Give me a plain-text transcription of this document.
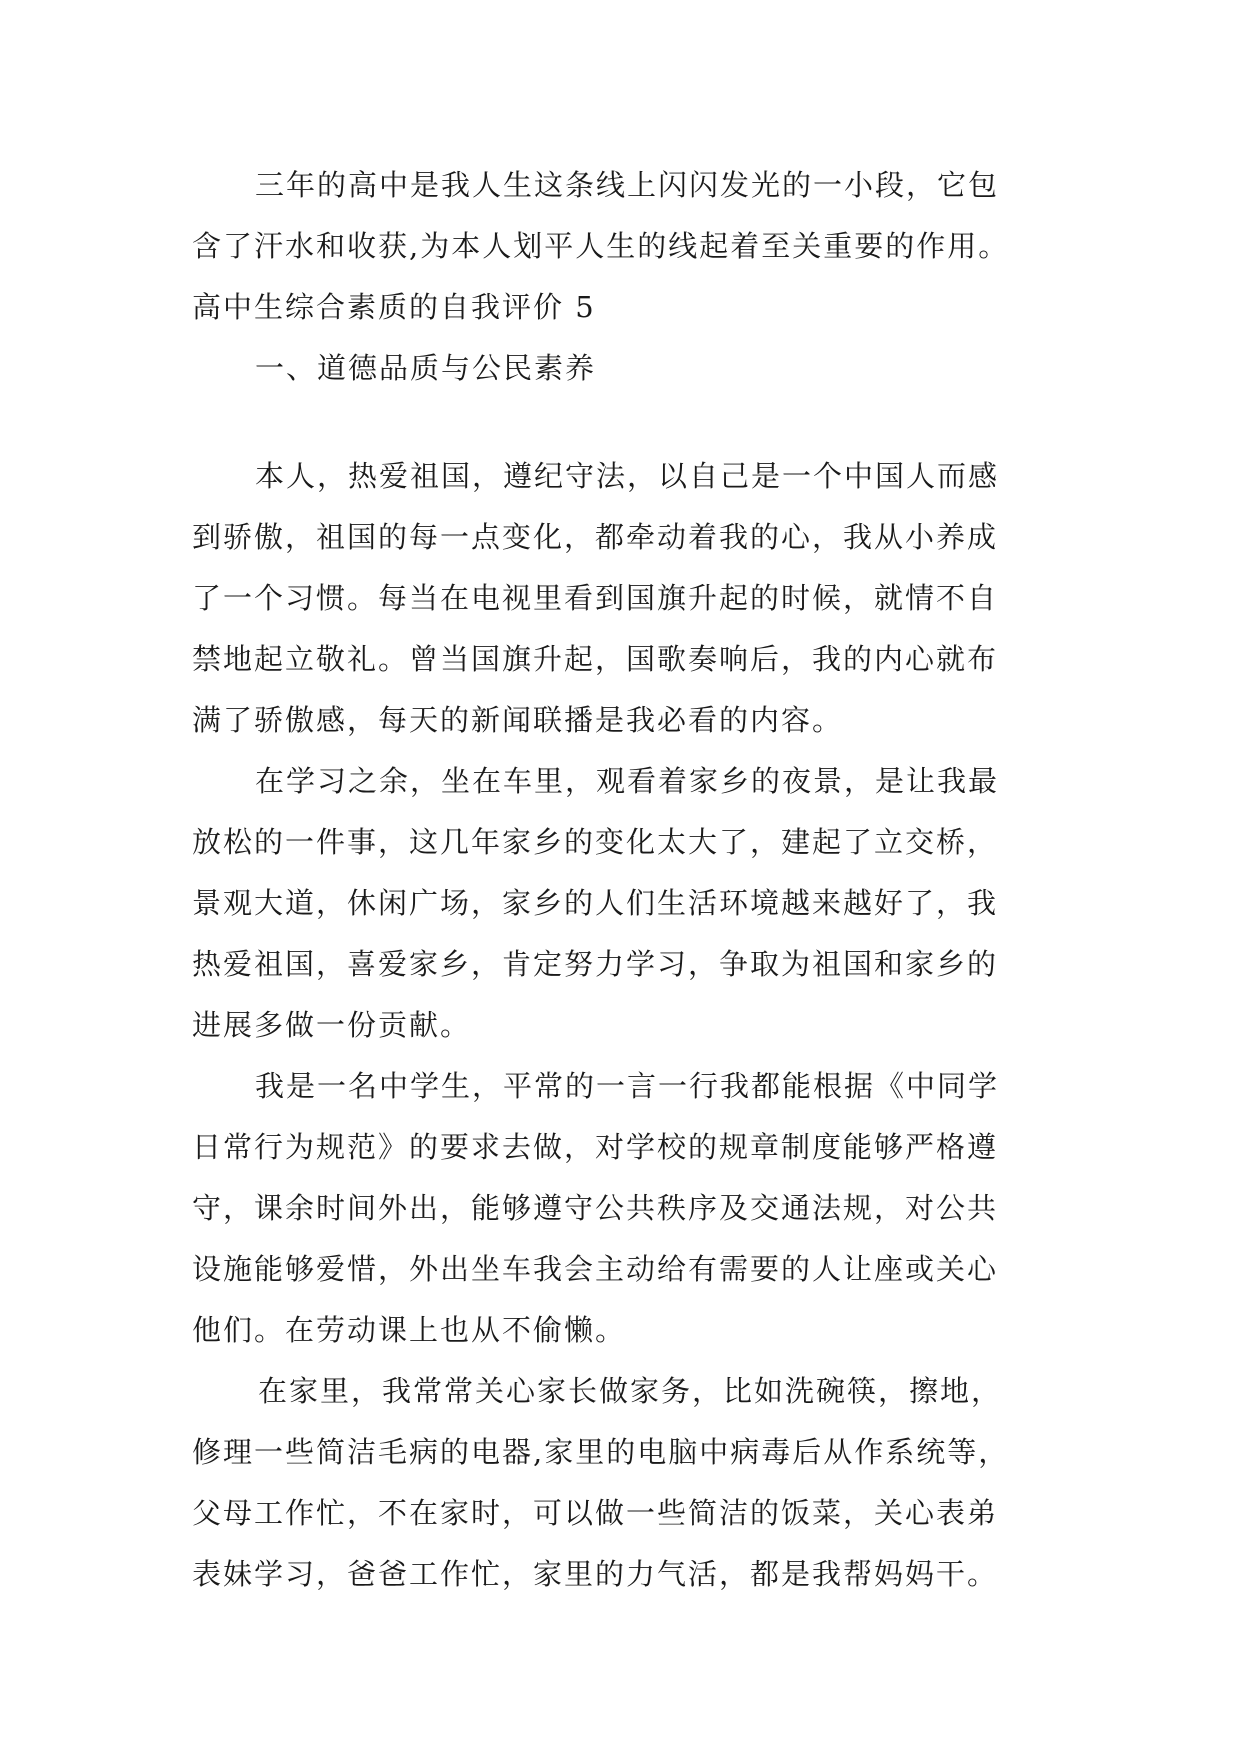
三年的高中是我人生这条线上闪闪发光的一小段，它包
含了汗水和收获,为本人划平人生的线起着至关重要的作用。
高中生综合素质的自我评价 5
一、道德品质与公民素养
本人，热爱祖国，遵纪守法，以自己是一个中国人而感
到骄傲，祖国的每一点变化，都牵动着我的心，我从小养成
了一个习惯。每当在电视里看到国旗升起的时候，就情不自
禁地起立敬礼。曾当国旗升起，国歌奏响后，我的内心就布
满了骄傲感，每天的新闻联播是我必看的内容。
在学习之余，坐在车里，观看着家乡的夜景，是让我最
放松的一件事，这几年家乡的变化太大了，建起了立交桥，
景观大道，休闲广场，家乡的人们生活环境越来越好了，我
热爱祖国，喜爱家乡，肯定努力学习，争取为祖国和家乡的
进展多做一份贡献。
我是一名中学生，平常的一言一行我都能根据《中同学
日常行为规范》的要求去做，对学校的规章制度能够严格遵
守，课余时间外出，能够遵守公共秩序及交通法规，对公共
设施能够爱惜，外出坐车我会主动给有需要的人让座或关心
他们。在劳动课上也从不偷懒。
在家里，我常常关心家长做家务，比如洗碗筷，擦地，
修理一些简洁毛病的电器,家里的电脑中病毒后从作系统等，
父母工作忙，不在家时，可以做一些简洁的饭菜，关心表弟
表妹学习，爸爸工作忙，家里的力气活，都是我帮妈妈干。
